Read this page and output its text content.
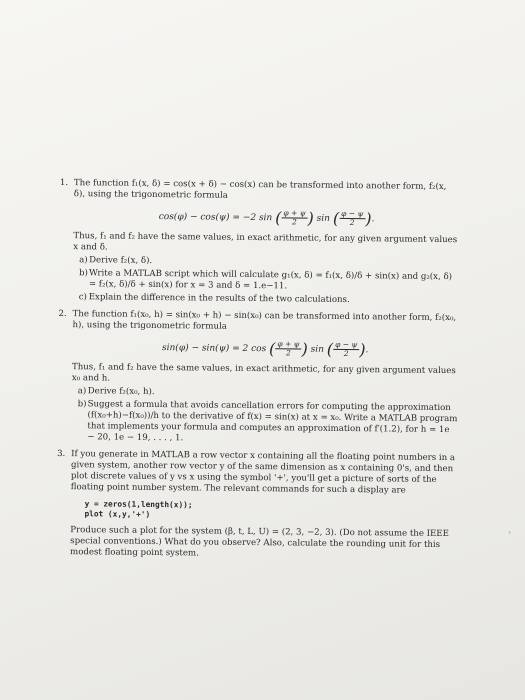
1. The function f₁(x, δ) = cos(x + δ) − cos(x) can be transformed into another form, f₂(x, δ), using the trigonometric formula
cos(φ) − cos(ψ) = −2 sin ( $\frac{\varphi + \psi}{2}$ ) sin ( $\frac{\varphi - \psi}{2}$ ).
Thus, f₁ and f₂ have the same values, in exact arithmetic, for any given argument values x and δ.
a) Derive f₂(x, δ).
b) Write a MATLAB script which will calculate g₁(x, δ) = f₁(x, δ)/δ + sin(x) and g₂(x, δ) = f₂(x, δ)/δ + sin(x) for x = 3 and δ = 1.e−11.
c) Explain the difference in the results of the two calculations.
2. The function f₁(x₀, h) = sin(x₀ + h) − sin(x₀) can be transformed into another form, f₂(x₀, h), using the trigonometric formula
sin(φ) − sin(ψ) = 2 cos ( $\frac{\varphi + \psi}{2}$ ) sin ( $\frac{\varphi - \psi}{2}$ ).
Thus, f₁ and f₂ have the same values, in exact arithmetic, for any given argument values x₀ and h.
a) Derive f₂(x₀, h).
b) Suggest a formula that avoids cancellation errors for computing the approximation (f(x₀+h)−f(x₀))/h to the derivative of f(x) = sin(x) at x = x₀. Write a MATLAB program that implements your formula and computes an approximation of f′(1.2), for h = 1e − 20, 1e − 19, . . . , 1.
3. If you generate in MATLAB a row vector x containing all the floating point numbers in a given system, another row vector y of the same dimension as x containing 0's, and then plot discrete values of y vs x using the symbol '+', you'll get a picture of sorts of the floating point number system. The relevant commands for such a display are
y = zeros(1,length(x));
plot (x,y,'+')
Produce such a plot for the system (β, t, L, U) = (2, 3, −2, 3). (Do not assume the IEEE special conventions.) What do you observe? Also, calculate the rounding unit for this modest floating point system.
›
